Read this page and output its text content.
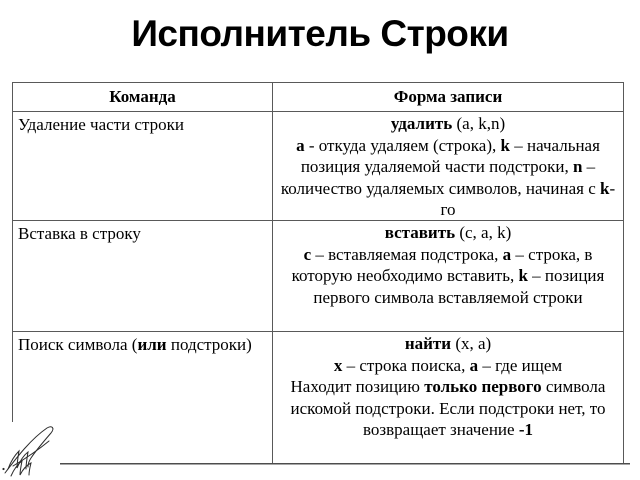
Исполнитель Строки
Команда	Форма записи
Удаление части строки	удалить (a, k,n)
a - откуда удаляем (строка), k – начальная позиция удаляемой части подстроки, n – количество удаляемых символов, начиная с k-го
Вставка в строку	вставить (c, a, k)
c – вставляемая подстрока, a – строка, в которую необходимо вставить, k – позиция первого символа вставляемой строки
Поиск символа (или подстроки)	найти (x, a)
x – строка поиска, a – где ищем
Находит позицию только первого символа искомой подстроки. Если подстроки нет, то возвращает значение -1
